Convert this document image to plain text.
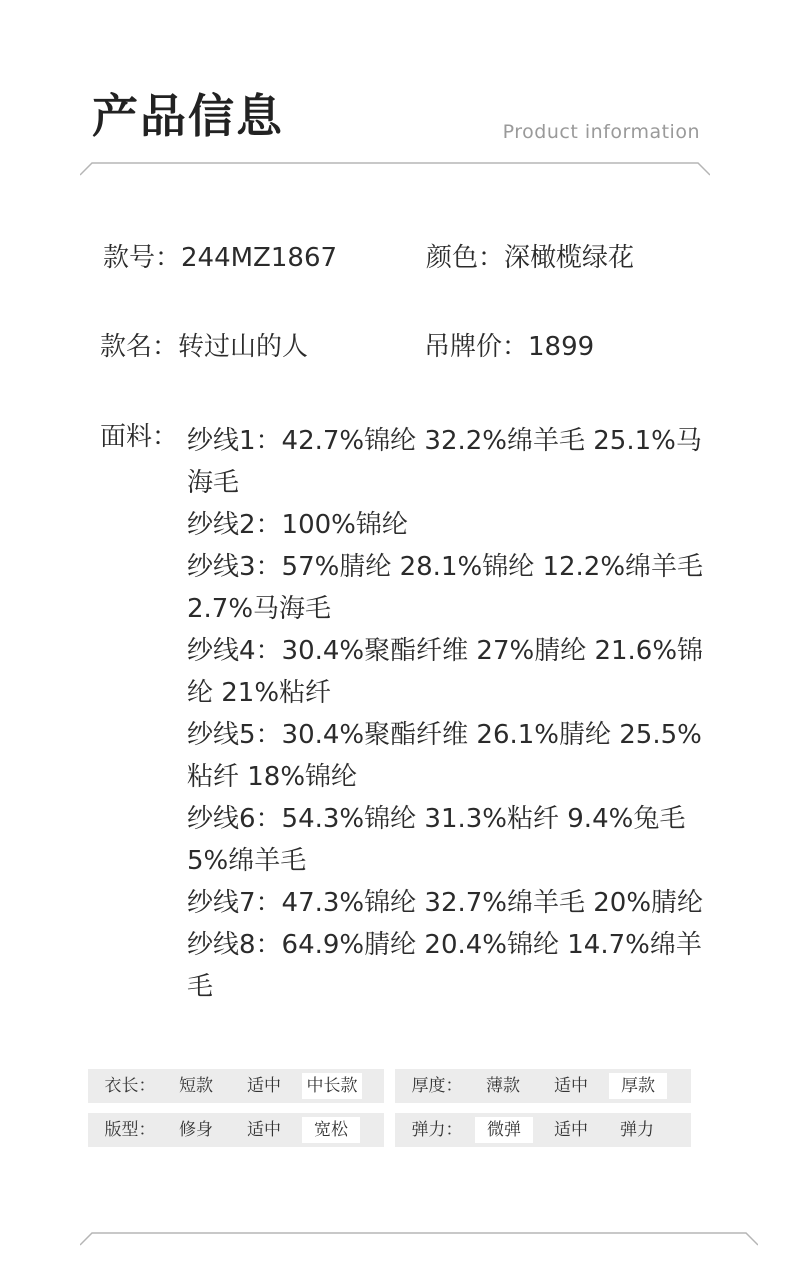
产品信息	Product information
款号：244MZ1867	颜色：深橄榄绿花
款名：转过山的人	吊牌价：1899
面料： 纱线1：42.7%锦纶 32.2%绵羊毛 25.1%马海毛
纱线2：100%锦纶
纱线3：57%腈纶 28.1%锦纶 12.2%绵羊毛 2.7%马海毛
纱线4：30.4%聚酯纤维 27%腈纶 21.6%锦纶 21%粘纤
纱线5：30.4%聚酯纤维 26.1%腈纶 25.5%粘纤 18%锦纶
纱线6：54.3%锦纶 31.3%粘纤 9.4%兔毛 5%绵羊毛
纱线7：47.3%锦纶 32.7%绵羊毛 20%腈纶
纱线8：64.9%腈纶 20.4%锦纶 14.7%绵羊毛
衣长：	短款	适中	中长款	厚度：	薄款	适中	厚款
版型：	修身	适中	宽松	弹力：	微弹	适中	弹力
